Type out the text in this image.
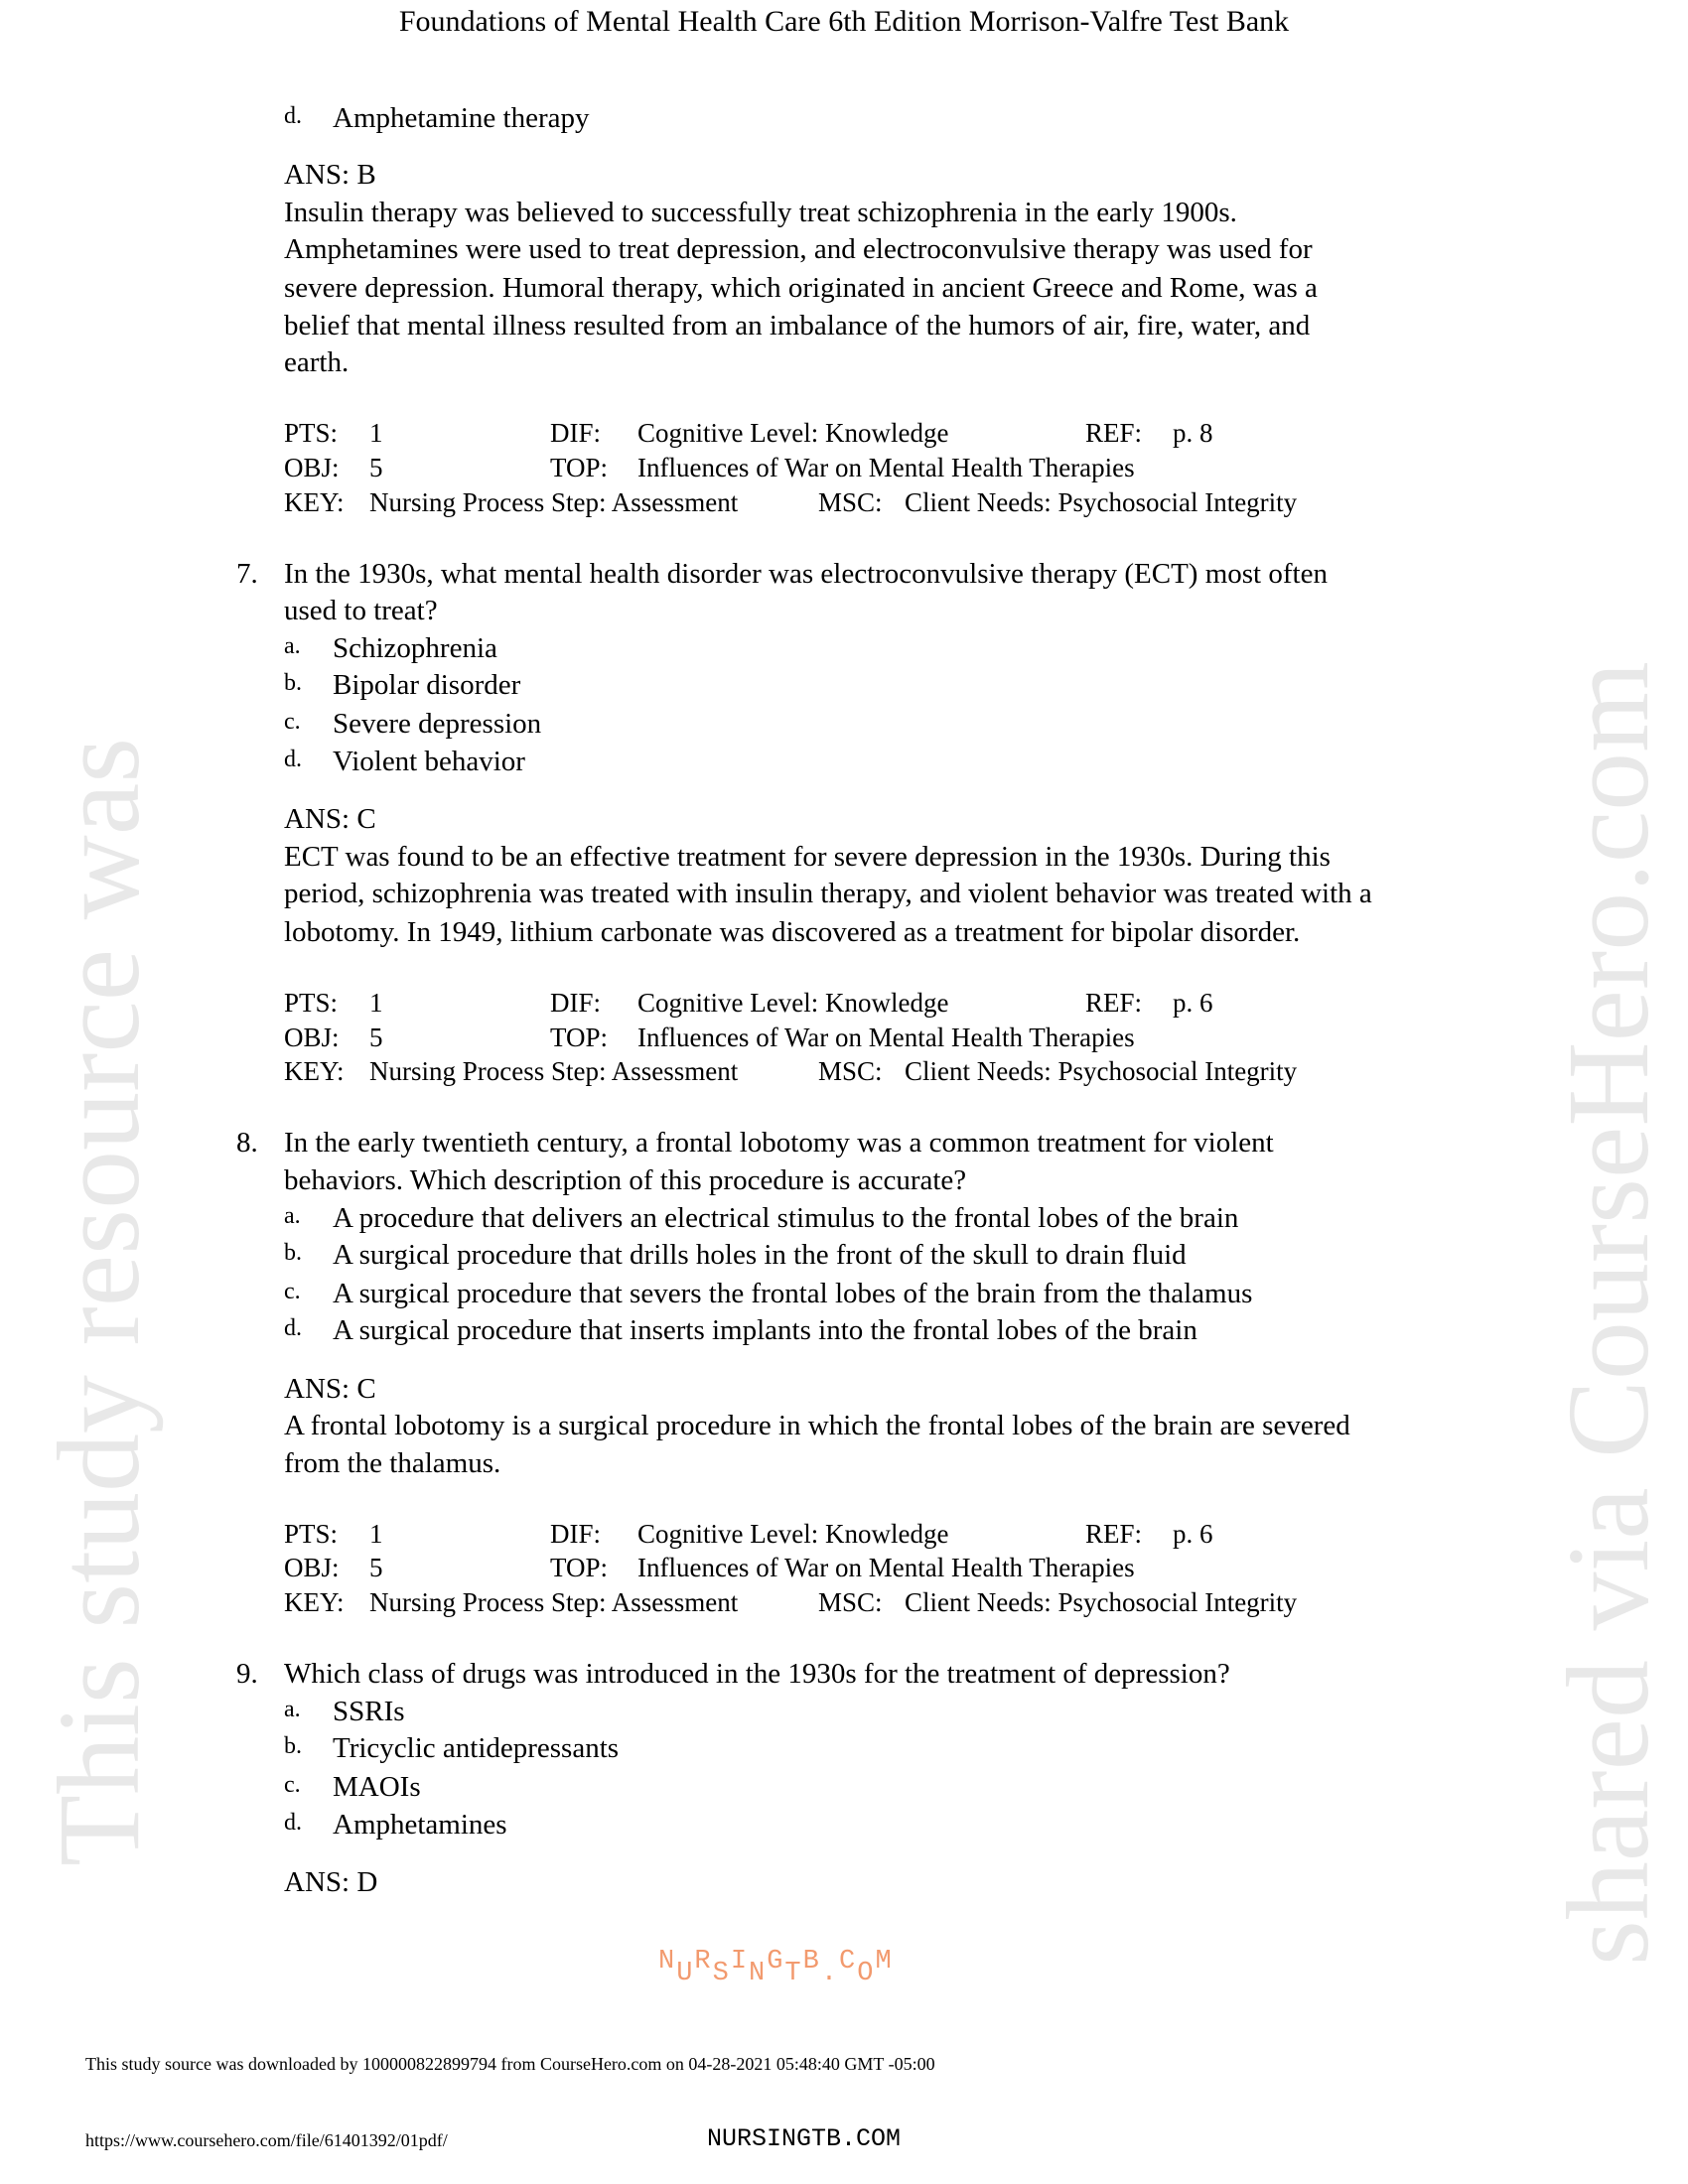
Foundations of Mental Health Care 6th Edition Morrison-Valfre Test Bank
This study resource was	shared via CourseHero.com
NURSINGTB.COM
d. Amphetamine therapy
ANS: B
Insulin therapy was believed to successfully treat schizophrenia in the early 1900s.
Amphetamines were used to treat depression, and electroconvulsive therapy was used for
severe depression. Humoral therapy, which originated in ancient Greece and Rome, was a
belief that mental illness resulted from an imbalance of the humors of air, fire, water, and
earth.
PTS: 1	DIF: Cognitive Level: Knowledge	REF: p. 8
OBJ: 5	TOP: Influences of War on Mental Health Therapies
KEY: Nursing Process Step: Assessment	MSC: Client Needs: Psychosocial Integrity
7. In the 1930s, what mental health disorder was electroconvulsive therapy (ECT) most often
used to treat?
a. Schizophrenia
b. Bipolar disorder
c. Severe depression
d. Violent behavior
ANS: C
ECT was found to be an effective treatment for severe depression in the 1930s. During this
period, schizophrenia was treated with insulin therapy, and violent behavior was treated with a
lobotomy. In 1949, lithium carbonate was discovered as a treatment for bipolar disorder.
PTS: 1	DIF: Cognitive Level: Knowledge	REF: p. 6
OBJ: 5	TOP: Influences of War on Mental Health Therapies
KEY: Nursing Process Step: Assessment	MSC: Client Needs: Psychosocial Integrity
8. In the early twentieth century, a frontal lobotomy was a common treatment for violent
behaviors. Which description of this procedure is accurate?
a. A procedure that delivers an electrical stimulus to the frontal lobes of the brain
b. A surgical procedure that drills holes in the front of the skull to drain fluid
c. A surgical procedure that severs the frontal lobes of the brain from the thalamus
d. A surgical procedure that inserts implants into the frontal lobes of the brain
ANS: C
A frontal lobotomy is a surgical procedure in which the frontal lobes of the brain are severed
from the thalamus.
PTS: 1	DIF: Cognitive Level: Knowledge	REF: p. 6
OBJ: 5	TOP: Influences of War on Mental Health Therapies
KEY: Nursing Process Step: Assessment	MSC: Client Needs: Psychosocial Integrity
9. Which class of drugs was introduced in the 1930s for the treatment of depression?
a. SSRIs
b. Tricyclic antidepressants
c. MAOIs
d. Amphetamines
ANS: D
This study source was downloaded by 100000822899794 from CourseHero.com on 04-28-2021 05:48:40 GMT -05:00
https://www.coursehero.com/file/61401392/01pdf/	NURSINGTB.COM
